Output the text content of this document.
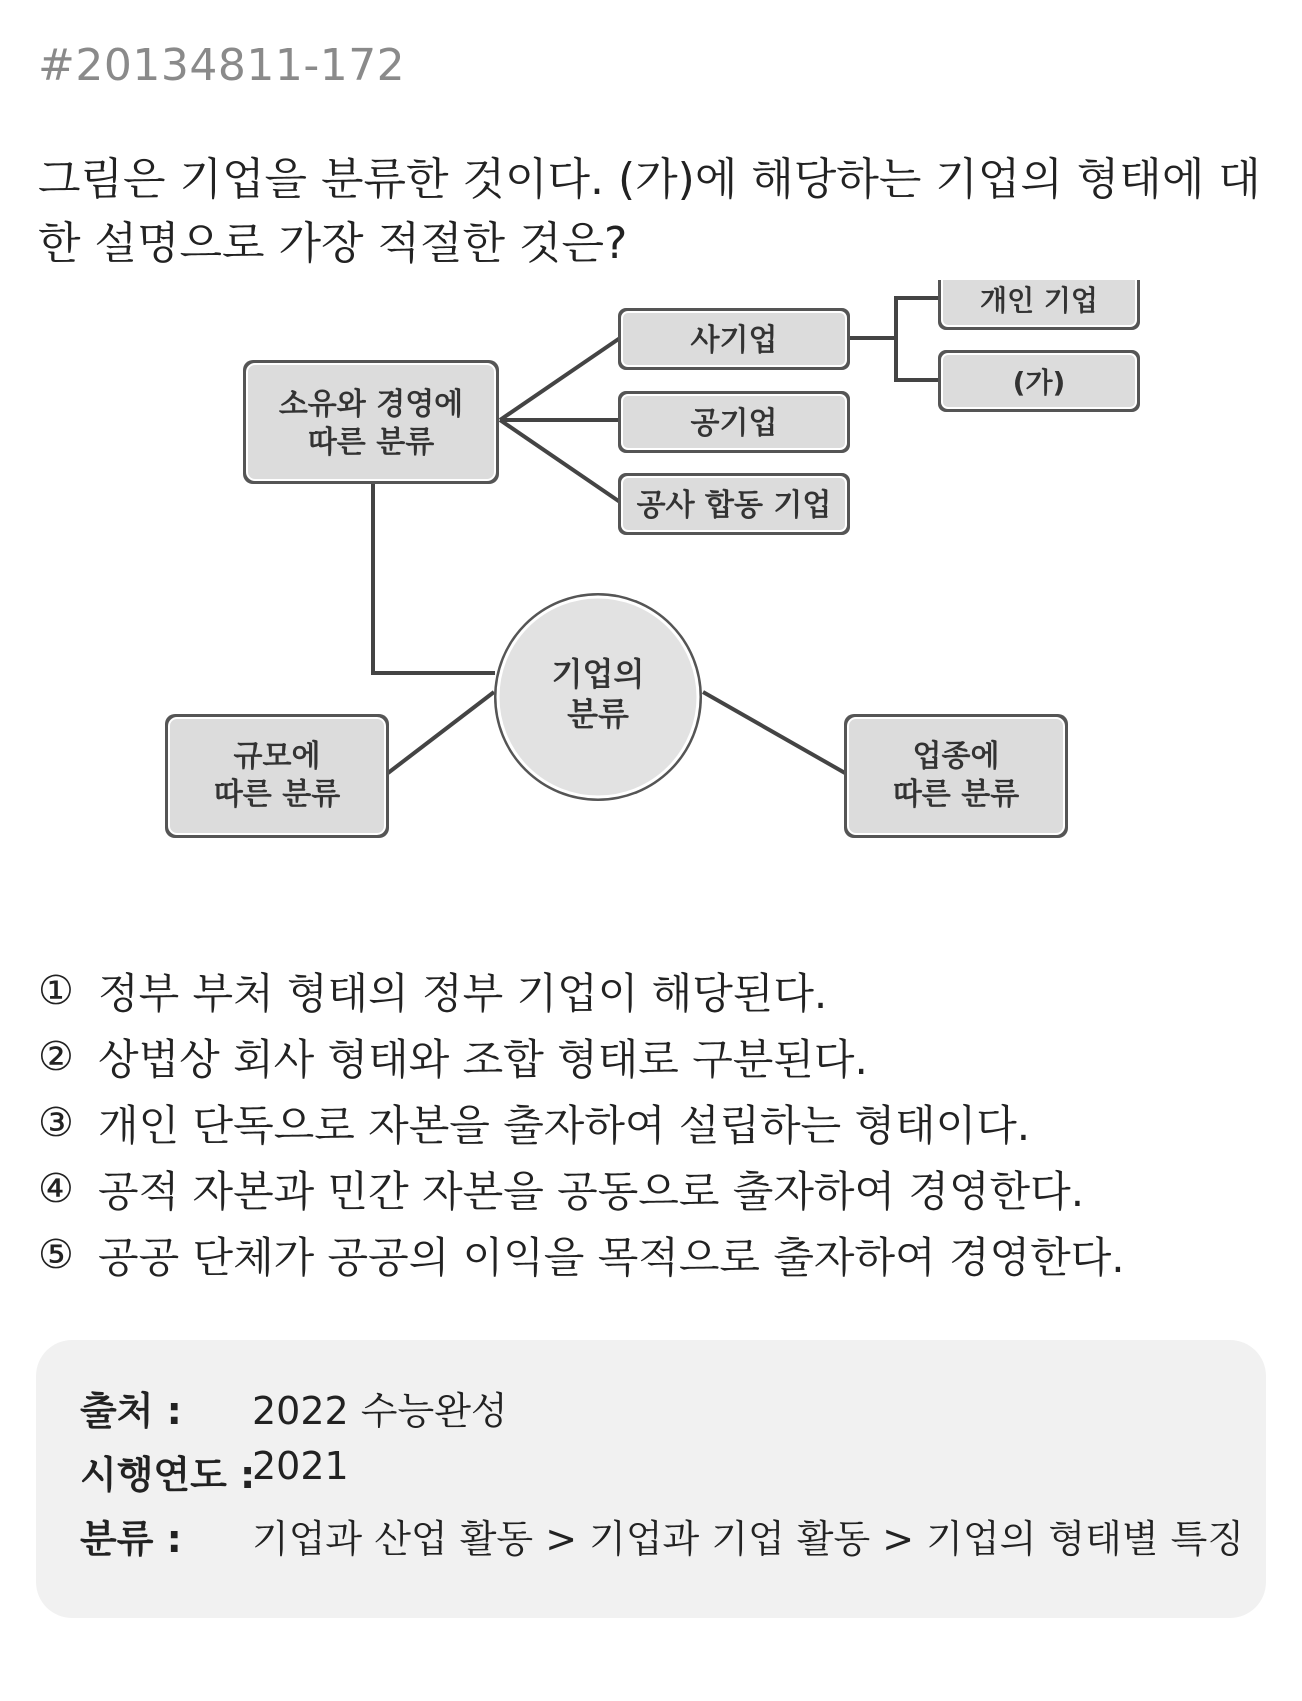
#20134811-172
그림은 기업을 분류한 것이다. (가)에 해당하는 기업의 형태에 대한 설명으로 가장 적절한 것은?
기업의
분류
소유와 경영에
따른 분류
사기업
공기업
공사 합동 기업
개인 기업
(가)
규모에
따른 분류
업종에
따른 분류
① 정부 부처 형태의 정부 기업이 해당된다.
② 상법상 회사 형태와 조합 형태로 구분된다.
③ 개인 단독으로 자본을 출자하여 설립하는 형태이다.
④ 공적 자본과 민간 자본을 공동으로 출자하여 경영한다.
⑤ 공공 단체가 공공의 이익을 목적으로 출자하여 경영한다.
출처 :	2022 수능완성
시행연도 :
2021
분류 :	기업과 산업 활동 > 기업과 기업 활동 > 기업의 형태별 특징
